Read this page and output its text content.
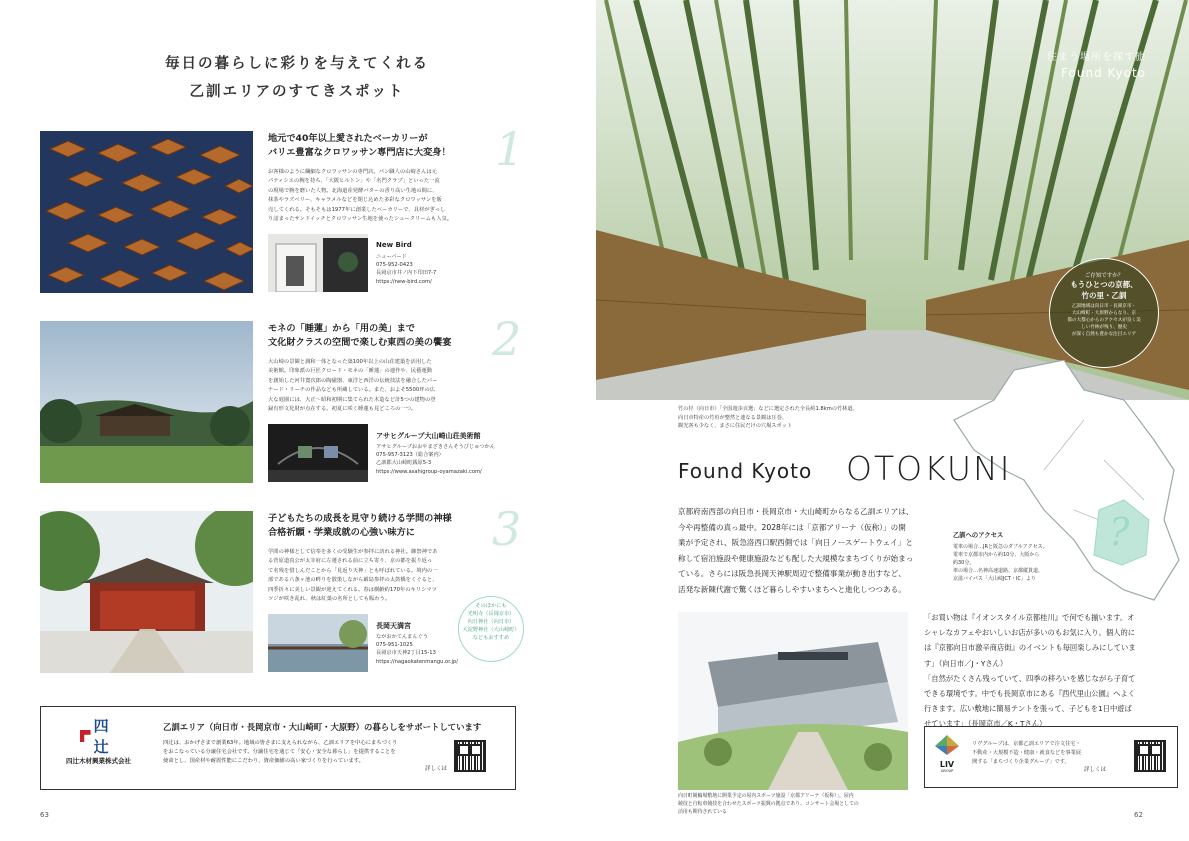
毎日の暮らしに彩りを与えてくれる
乙訓エリアのすてきスポット
地元で40年以上愛されたベーカリーが
バリエ豊富なクロワッサン専門店に大変身！ 1
お客様のように繊細なクロワッサンの専門店。パン職人の山崎さんは元
パティシエの腕を持ち、「大阪ヒルトン」や「名門クラブ」といった一流
の現場で腕を磨いた人物。北海道産発酵バターの香り高い生地の間に、
抹茶やラズベリー、キャラメルなどを閉じ込めた多彩なクロワッサンを販
売してくれる。そもそもは1977年に創業したベーカリーで、具材がぎっし
り詰まったサンドイッチとクロワッサン生地を使ったシュークリームも人気。
New Bird
ニューバード
075-952-0423
長岡京市井ノ内下印田7-7
https://new-bird.com/
モネの「睡蓮」から「用の美」まで
文化財クラスの空間で楽しむ東西の美の饗宴 2
大山崎の景観と調和一体となった築100年以上の山荘建築を活用した
美術館。印象派の巨匠クロード・モネの「睡蓮」の連作や、民藝運動
を創始した河井寛次郎の陶磁器、東洋と西洋の伝統技法を融合したバー
ナード・リーチの作品なども所蔵している。また、およそ5500坪の広
大な庭園には、大正〜昭和初期に集てられた木造など計5つの建物の登
録有形文化財が点在する。初夏に咲く睡蓮も見どころの一つ。
アサヒグループ大山崎山荘美術館
アサヒグループおおやまざきさんそうびじゅつかん
075-957-3123（総合案内）
乙訓郡大山崎町銭原5-3
https://www.asahigroup-oyamazaki.com/
子どもたちの成長を見守り続ける学問の神様
合格祈願・学業成就の心強い味方に	3
学問の神様として信奉を多くの受験生が参拝に訪れる神社。御祭神であ
る菅原道真公が太宰府に左遷される前に立ち寄り、京の都を振り返っ
て名残を惜しんだことから「見返り天神」とも呼ばれている。境内の一
部である八条ヶ池の畔りを散策しながら厳島参拝の太鼓橋をくぐると、
四季折々に美しい景観が迎えてくれる。春は樹齢約170年のキリシマツ
ツジが咲き乱れ、秋は紅葉の名所としても賑わう。
そのほかにも
光明寺（長岡京市）
向日神社（向日市）
大淀野神社（大山崎町）
などもおすすめ
長岡天満宮
ながおかてんまんぐう
075-951-1025
長岡京市天神2丁目15-13
https://nagaokatenmangu.or.jp/
四辻
四辻木材興業株式会社
乙訓エリア（向日市・長岡京市・大山崎町・大原野）の暮らしをサポートしています
四辻は、おかげさまで創業63年。地域の皆さまに支えられながら、乙訓エリアを中心にまちづくり
をおこなっている分譲住宅会社です。分譲住宅を通じて「安心・安全な暮らし」を提供することを
使命とし、国産材や耐震性能にこだわり、資産価値の高い家づくりを行っています。
詳しくは
63
住まう場所を探す旅
Found Kyoto
ご存知ですか？
もうひとつの京都、
竹の里・乙訓
乙訓地域は向日市・長岡京市・
大山崎町・大原野からなり、京
都の大都心からのアクセスが良く美
しい竹林が残り、歴史
が深く自然も豊かな注目エリア
竹の径（向日市）「全国遊歩百選」などに選定された全長約1.8kmの竹林道。
向日市特産の竹垣が整然と連なる景観は圧巻。
観光客も少なく、まさに住民だけの穴場スポット
?
Found Kyoto OTOKUNI
京都府南西部の向日市・長岡京市・大山崎町からなる乙訓エリアは、
今や再整備の真っ最中。2028年には「京都アリーナ（仮称）」の開
業が予定され、阪急洛西口駅西側では「向日ノースゲートウェイ」と
称して宿泊施設や健康施設なども配した大規模なまちづくりが始まっ
ている。さらには阪急長岡天神駅周辺で整備事業が動き出すなど、
活発な新陳代謝で驚くほど暮らしやすいまちへと進化しつつある。
乙訓へのアクセス
電車の場合…JRと阪急のダブルアクセス。
電車で京都市内から約10分、大阪から
約30分。
車の場合…名神高速道路、京都縦貫道、
京滋バイパス「大山崎JCT・IC」より
向日町競輪場敷地に開業予定の屋内スポーツ施設「京都アリーナ（仮称）」。屋内
競技と自転車競技を合わせたスポーツ振興の拠点であり、コンサート会場としての
活用も期待されている
「お買い物は『イオンスタイル京都桂川』で何でも揃います。オ
シャレなカフェやおいしいお店が多いのもお気に入り。個人的に
は『京都向日市激辛商店街』のイベントも毎回楽しみにしていま
す」（向日市／J・Yさん）
「自然がたくさん残っていて、四季の移ろいを感じながら子育て
できる環境です。中でも長岡京市にある『西代里山公園』へよく
行きます。広い敷地に簡易テントを張って、子どもを1日中遊ば
せています」（長岡京市／K・Tさん）
LIV
GROUP
リヴグループは、京都乙訓エリアで注文住宅・
不動産・大規模不造・健康・就食などを事業展
開する「まちづくり企業グループ」です。
詳しくは
62
